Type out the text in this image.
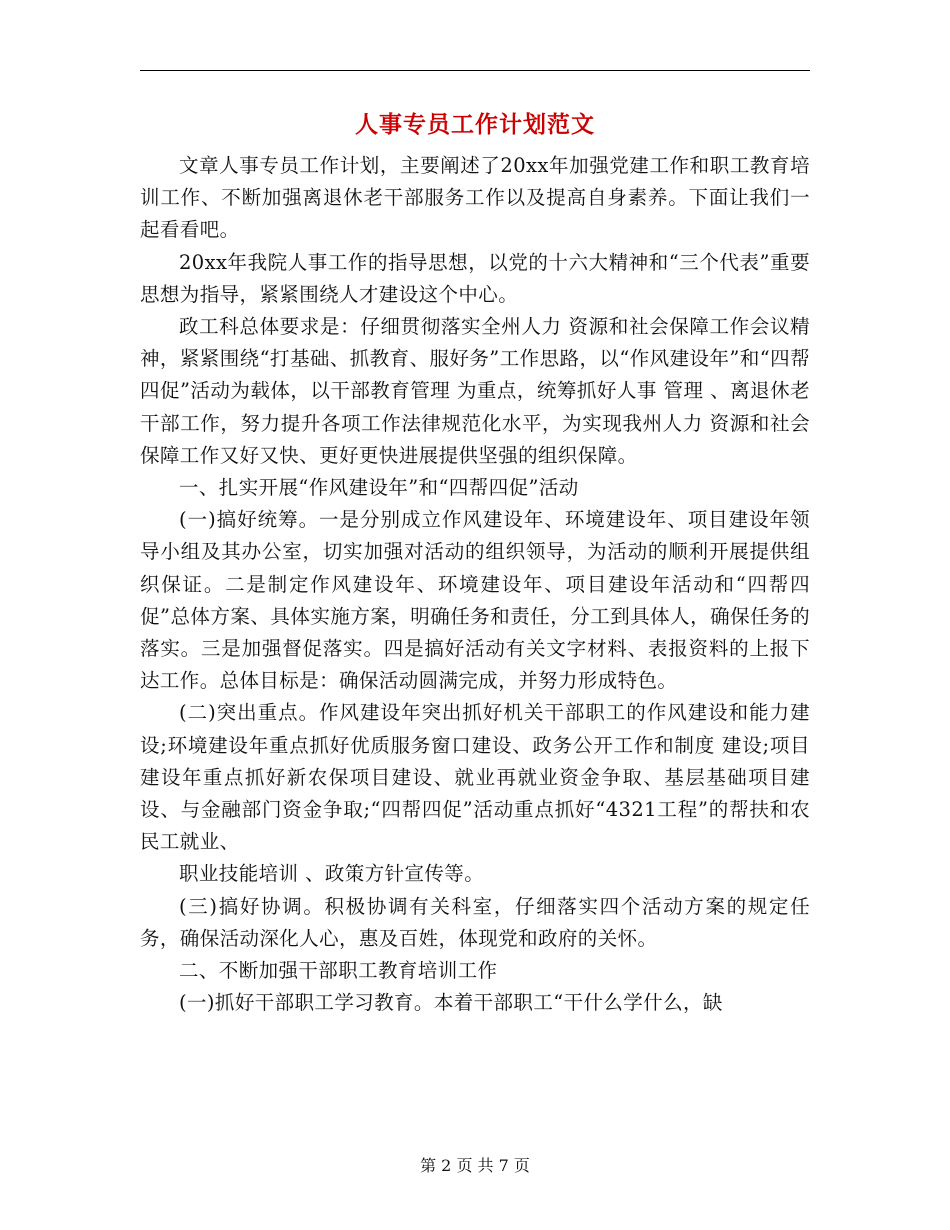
人事专员工作计划范文

文章人事专员工作计划，主要阐述了20xx年加强党建工作和职工教育培训工作、不断加强离退休老干部服务工作以及提高自身素养。下面让我们一起看看吧。

20xx年我院人事工作的指导思想，以党的十六大精神和“三个代表”重要思想为指导，紧紧围绕人才建设这个中心。

政工科总体要求是：仔细贯彻落实全州人力 资源和社会保障工作会议精神，紧紧围绕“打基础、抓教育、服好务”工作思路，以“作风建设年”和“四帮四促”活动为载体，以干部教育管理 为重点，统筹抓好人事 管理 、离退休老干部工作，努力提升各项工作法律规范化水平，为实现我州人力 资源和社会保障工作又好又快、更好更快进展提供坚强的组织保障。

一、扎实开展“作风建设年”和“四帮四促”活动

(一)搞好统筹。一是分别成立作风建设年、环境建设年、项目建设年领导小组及其办公室，切实加强对活动的组织领导，为活动的顺利开展提供组织保证。二是制定作风建设年、环境建设年、项目建设年活动和“四帮四促”总体方案、具体实施方案，明确任务和责任，分工到具体人，确保任务的落实。三是加强督促落实。四是搞好活动有关文字材料、表报资料的上报下达工作。总体目标是：确保活动圆满完成，并努力形成特色。

(二)突出重点。作风建设年突出抓好机关干部职工的作风建设和能力建设;环境建设年重点抓好优质服务窗口建设、政务公开工作和制度 建设;项目建设年重点抓好新农保项目建设、就业再就业资金争取、基层基础项目建设、与金融部门资金争取;“四帮四促”活动重点抓好“4321工程”的帮扶和农民工就业、

职业技能培训 、政策方针宣传等。

(三)搞好协调。积极协调有关科室，仔细落实四个活动方案的规定任务，确保活动深化人心，惠及百姓，体现党和政府的关怀。

二、不断加强干部职工教育培训工作

(一)抓好干部职工学习教育。本着干部职工“干什么学什么，缺

第 2 页 共 7 页
